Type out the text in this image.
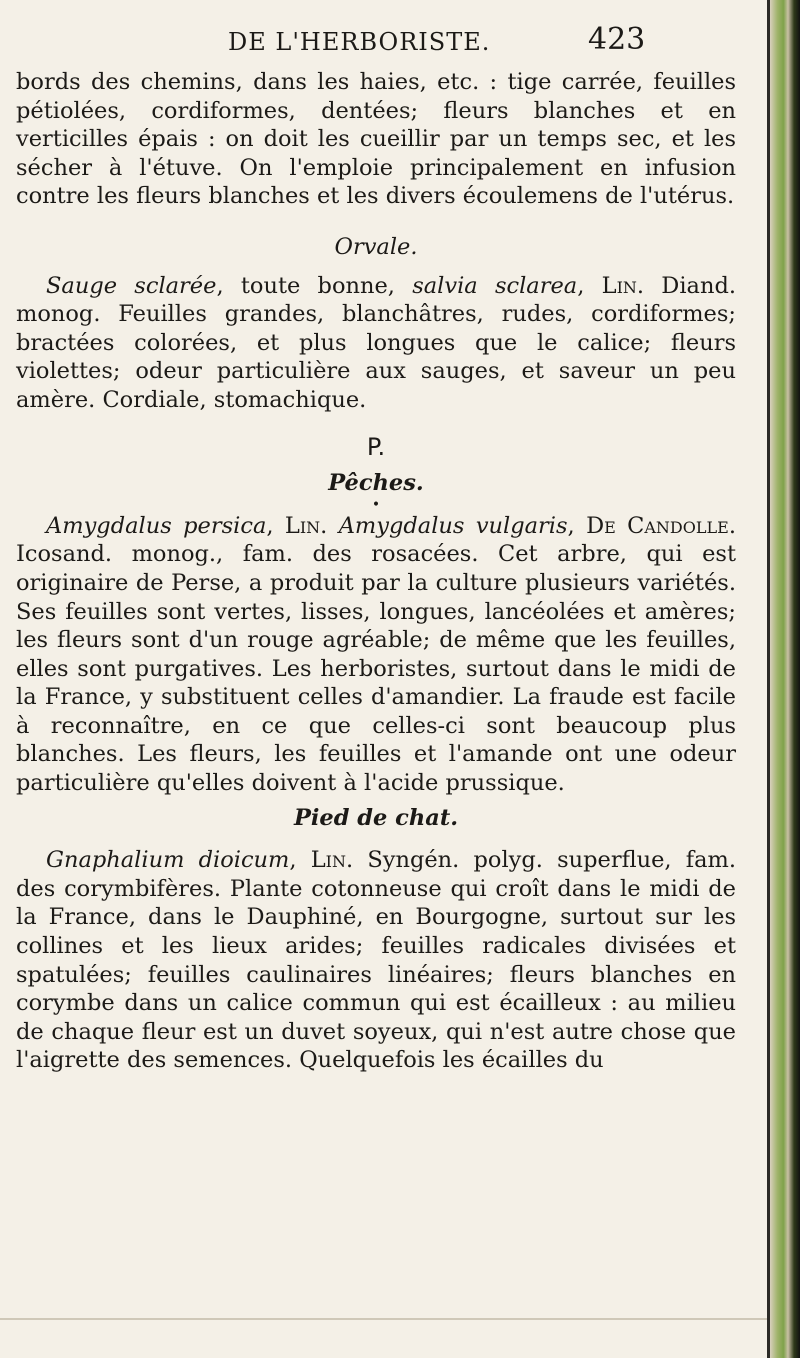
DE L'HERBORISTE.	423

bords des chemins, dans les haies, etc. : tige carrée, feuilles pétiolées, cordiformes, dentées; fleurs blanches et en verticilles épais : on doit les cueillir par un temps sec, et les sécher à l'étuve. On l'emploie principalement en infusion contre les fleurs blanches et les divers écoulemens de l'utérus.

Orvale.

Sauge sclarée, toute bonne, salvia sclarea, Lin. Diand. monog. Feuilles grandes, blanchâtres, rudes, cordiformes; bractées colorées, et plus longues que le calice; fleurs violettes; odeur particulière aux sauges, et saveur un peu amère. Cordiale, stomachique.

P.

Pêches.

•

Amygdalus persica, Lin. Amygdalus vulgaris, De Candolle. Icosand. monog., fam. des rosacées. Cet arbre, qui est originaire de Perse, a produit par la culture plusieurs variétés. Ses feuilles sont vertes, lisses, longues, lancéolées et amères; les fleurs sont d'un rouge agréable; de même que les feuilles, elles sont purgatives. Les herboristes, surtout dans le midi de la France, y substituent celles d'amandier. La fraude est facile à reconnaître, en ce que celles-ci sont beaucoup plus blanches. Les fleurs, les feuilles et l'amande ont une odeur particulière qu'elles doivent à l'acide prussique.

Pied de chat.

Gnaphalium dioicum, Lin. Syngén. polyg. superflue, fam. des corymbifères. Plante cotonneuse qui croît dans le midi de la France, dans le Dauphiné, en Bourgogne, surtout sur les collines et les lieux arides; feuilles radicales divisées et spatulées; feuilles caulinaires linéaires; fleurs blanches en corymbe dans un calice commun qui est écailleux : au milieu de chaque fleur est un duvet soyeux, qui n'est autre chose que l'aigrette des semences. Quelquefois les écailles du
